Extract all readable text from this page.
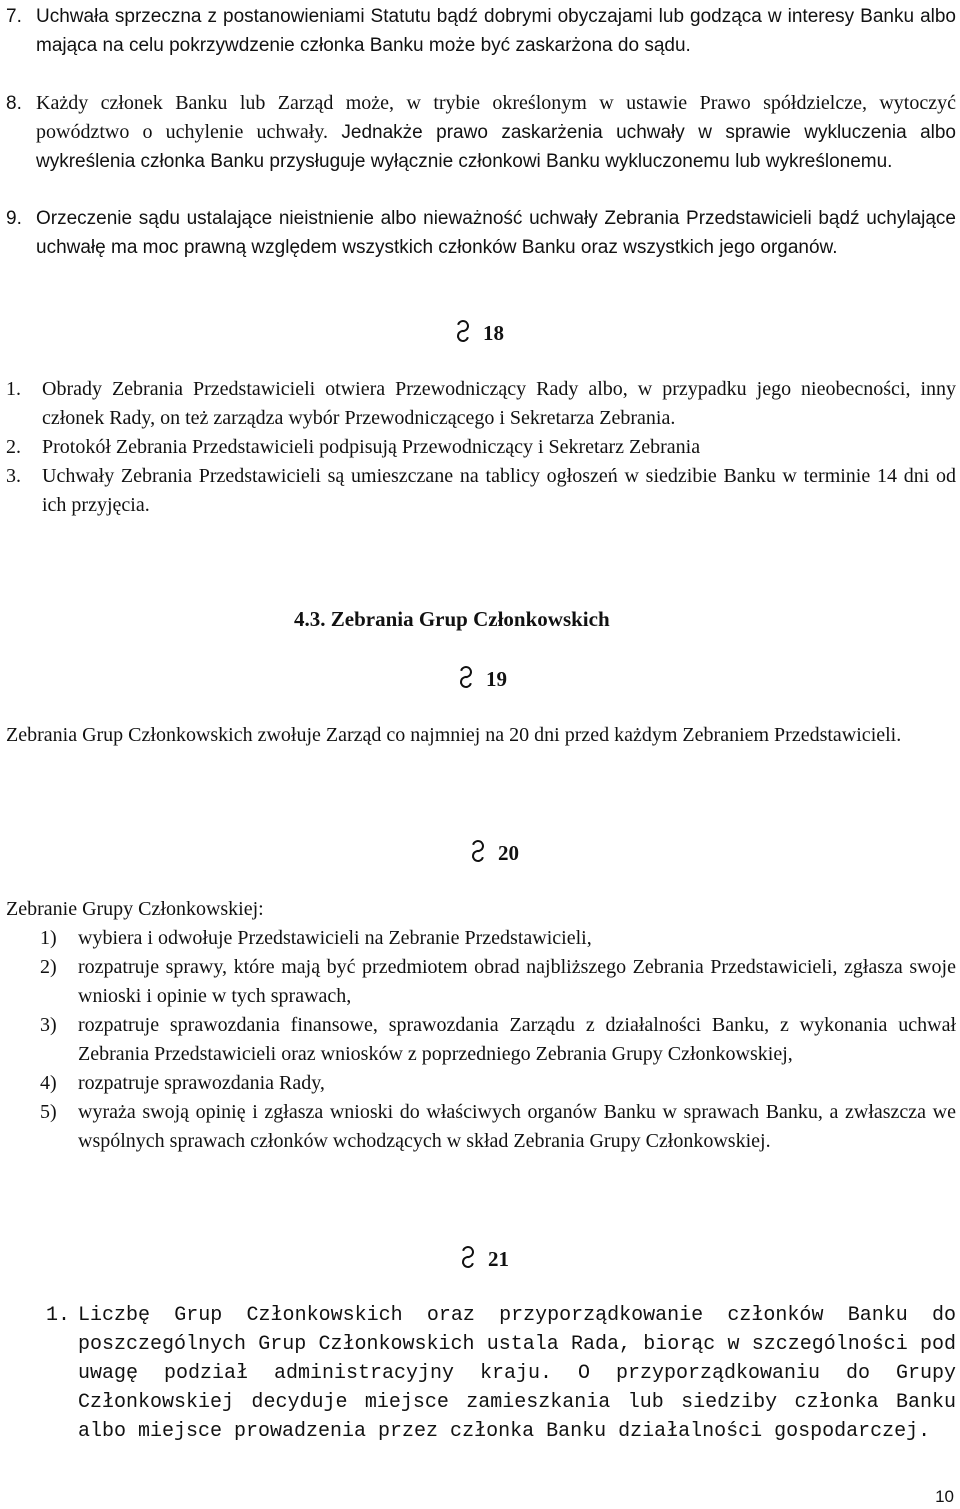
7. Uchwała sprzeczna z postanowieniami Statutu bądź dobrymi obyczajami lub godząca w interesy Banku albo mająca na celu pokrzywdzenie członka Banku może być zaskarżona do sądu.
8. Każdy członek Banku lub Zarząd może, w trybie określonym w ustawie Prawo spółdzielcze, wytoczyć powództwo o uchylenie uchwały. Jednakże prawo zaskarżenia uchwały w sprawie wykluczenia albo wykreślenia członka Banku przysługuje wyłącznie członkowi Banku wykluczonemu lub wykreślonemu.
9. Orzeczenie sądu ustalające nieistnienie albo nieważność uchwały Zebrania Przedstawicieli bądź uchylające uchwałę ma moc prawną względem wszystkich członków Banku oraz wszystkich jego organów.
18
1.	Obrady Zebrania Przedstawicieli otwiera Przewodniczący Rady albo, w przypadku jego nieobecności, inny członek Rady, on też zarządza wybór Przewodniczącego i Sekretarza Zebrania.
2.	Protokół Zebrania Przedstawicieli podpisują Przewodniczący i Sekretarz Zebrania
3.	Uchwały Zebrania Przedstawicieli są umieszczane na tablicy ogłoszeń w siedzibie Banku w terminie 14 dni od ich przyjęcia.
4.3. Zebrania Grup Członkowskich
19
Zebrania Grup Członkowskich zwołuje Zarząd co najmniej na 20 dni przed każdym Zebraniem Przedstawicieli.
20
Zebranie Grupy Członkowskiej:
1)	wybiera i odwołuje Przedstawicieli na Zebranie Przedstawicieli,
2)	rozpatruje sprawy, które mają być przedmiotem obrad najbliższego Zebrania Przedstawicieli, zgłasza swoje wnioski i opinie w tych sprawach,
3)	rozpatruje sprawozdania finansowe, sprawozdania Zarządu z działalności Banku, z wykonania uchwał Zebrania Przedstawicieli oraz wniosków z poprzedniego Zebrania Grupy Członkowskiej,
4)	rozpatruje sprawozdania Rady,
5)	wyraża swoją opinię i zgłasza wnioski do właściwych organów Banku w sprawach Banku, a zwłaszcza we wspólnych sprawach członków wchodzących w skład Zebrania Grupy Członkowskiej.
21
1. Liczbę Grup Członkowskich oraz przyporządkowanie członków Banku do poszczególnych Grup Członkowskich ustala Rada, biorąc w szczególności pod uwagę podział administracyjny kraju. O przyporządkowaniu do Grupy Członkowskiej decyduje miejsce zamieszkania lub siedziby członka Banku albo miejsce prowadzenia przez członka Banku działalności gospodarczej.
10
